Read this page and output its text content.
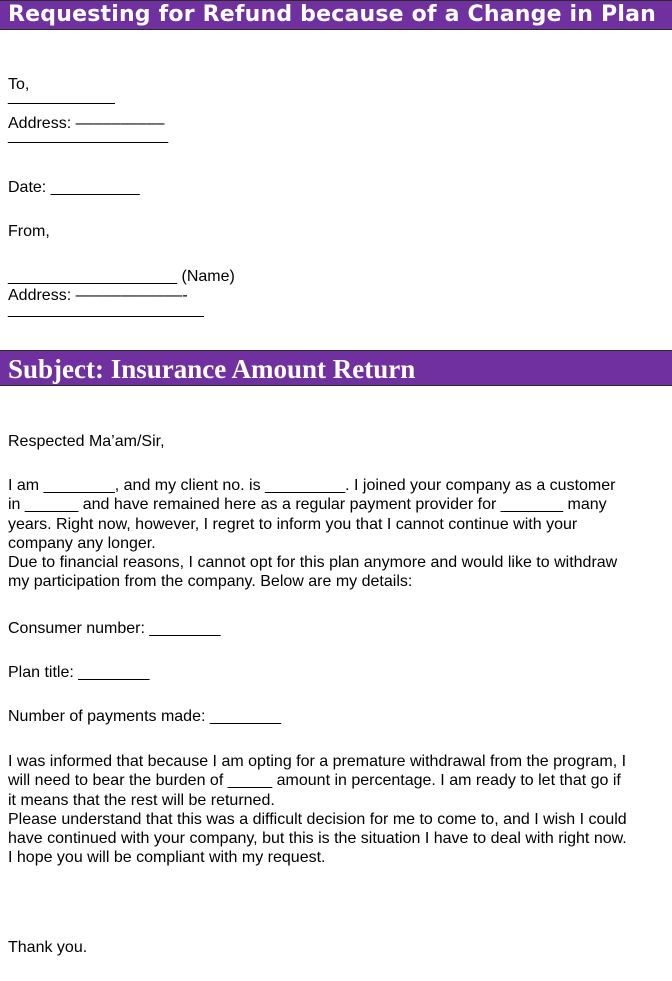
Requesting for Refund because of a Change in Plan
To,
____________
Address: ––––––––––
__________________
Date: __________
From,
___________________ (Name)
Address: ––––––––––––-
______________________
Subject: Insurance Amount Return
Respected Ma’am/Sir,

I am ________, and my client no. is _________. I joined your company as a customer
in ______ and have remained here as a regular payment provider for _______ many
years. Right now, however, I regret to inform you that I cannot continue with your
company any longer.
Due to financial reasons, I cannot opt for this plan anymore and would like to withdraw
my participation from the company. Below are my details:

Consumer number: ________
Plan title: ________
Number of payments made: ________

I was informed that because I am opting for a premature withdrawal from the program, I
will need to bear the burden of _____ amount in percentage. I am ready to let that go if
it means that the rest will be returned.
Please understand that this was a difficult decision for me to come to, and I wish I could
have continued with your company, but this is the situation I have to deal with right now.
I hope you will be compliant with my request.

Thank you.
